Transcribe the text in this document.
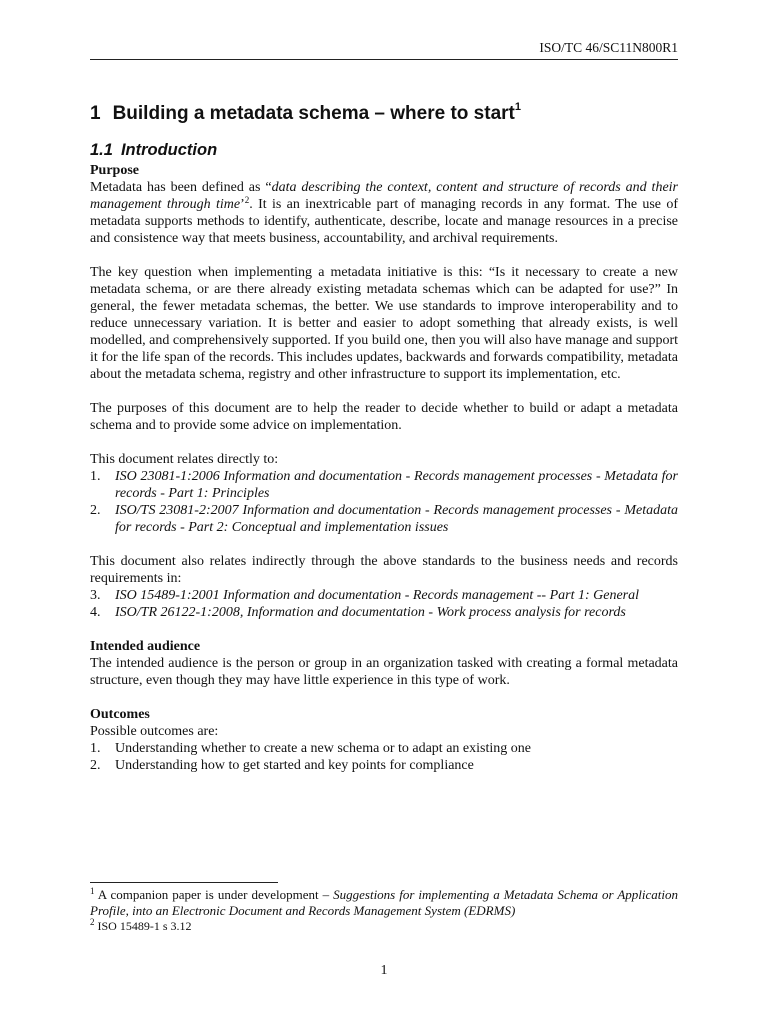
ISO/TC 46/SC11N800R1
1 Building a metadata schema – where to start$^1$
1.1 Introduction
Purpose

Metadata has been defined as “data describing the context, content and structure of records and their management through time’$^2$. It is an inextricable part of managing records in any format. The use of metadata supports methods to identify, authenticate, describe, locate and manage resources in a precise and consistence way that meets business, accountability, and archival requirements.

The key question when implementing a metadata initiative is this: “Is it necessary to create a new metadata schema, or are there already existing metadata schemas which can be adapted for use?” In general, the fewer metadata schemas, the better. We use standards to improve interoperability and to reduce unnecessary variation. It is better and easier to adopt something that already exists, is well modelled, and comprehensively supported. If you build one, then you will also have manage and support it for the life span of the records. This includes updates, backwards and forwards compatibility, metadata about the metadata schema, registry and other infrastructure to support its implementation, etc.

The purposes of this document are to help the reader to decide whether to build or adapt a metadata schema and to provide some advice on implementation.

This document relates directly to:

1. ISO 23081-1:2006 Information and documentation - Records management processes - Metadata for records - Part 1: Principles
2. ISO/TS 23081-2:2007 Information and documentation - Records management processes - Metadata for records - Part 2: Conceptual and implementation issues

This document also relates indirectly through the above standards to the business needs and records requirements in:

3. ISO 15489-1:2001 Information and documentation - Records management -- Part 1: General
4. ISO/TR 26122-1:2008, Information and documentation - Work process analysis for records
Intended audience

The intended audience is the person or group in an organization tasked with creating a formal metadata structure, even though they may have little experience in this type of work.

Outcomes

Possible outcomes are:

1. Understanding whether to create a new schema or to adapt an existing one
2. Understanding how to get started and key points for compliance

$^1$ A companion paper is under development – Suggestions for implementing a Metadata Schema or Application Profile, into an Electronic Document and Records Management System (EDRMS)

$^2$ ISO 15489-1 s 3.12

1
